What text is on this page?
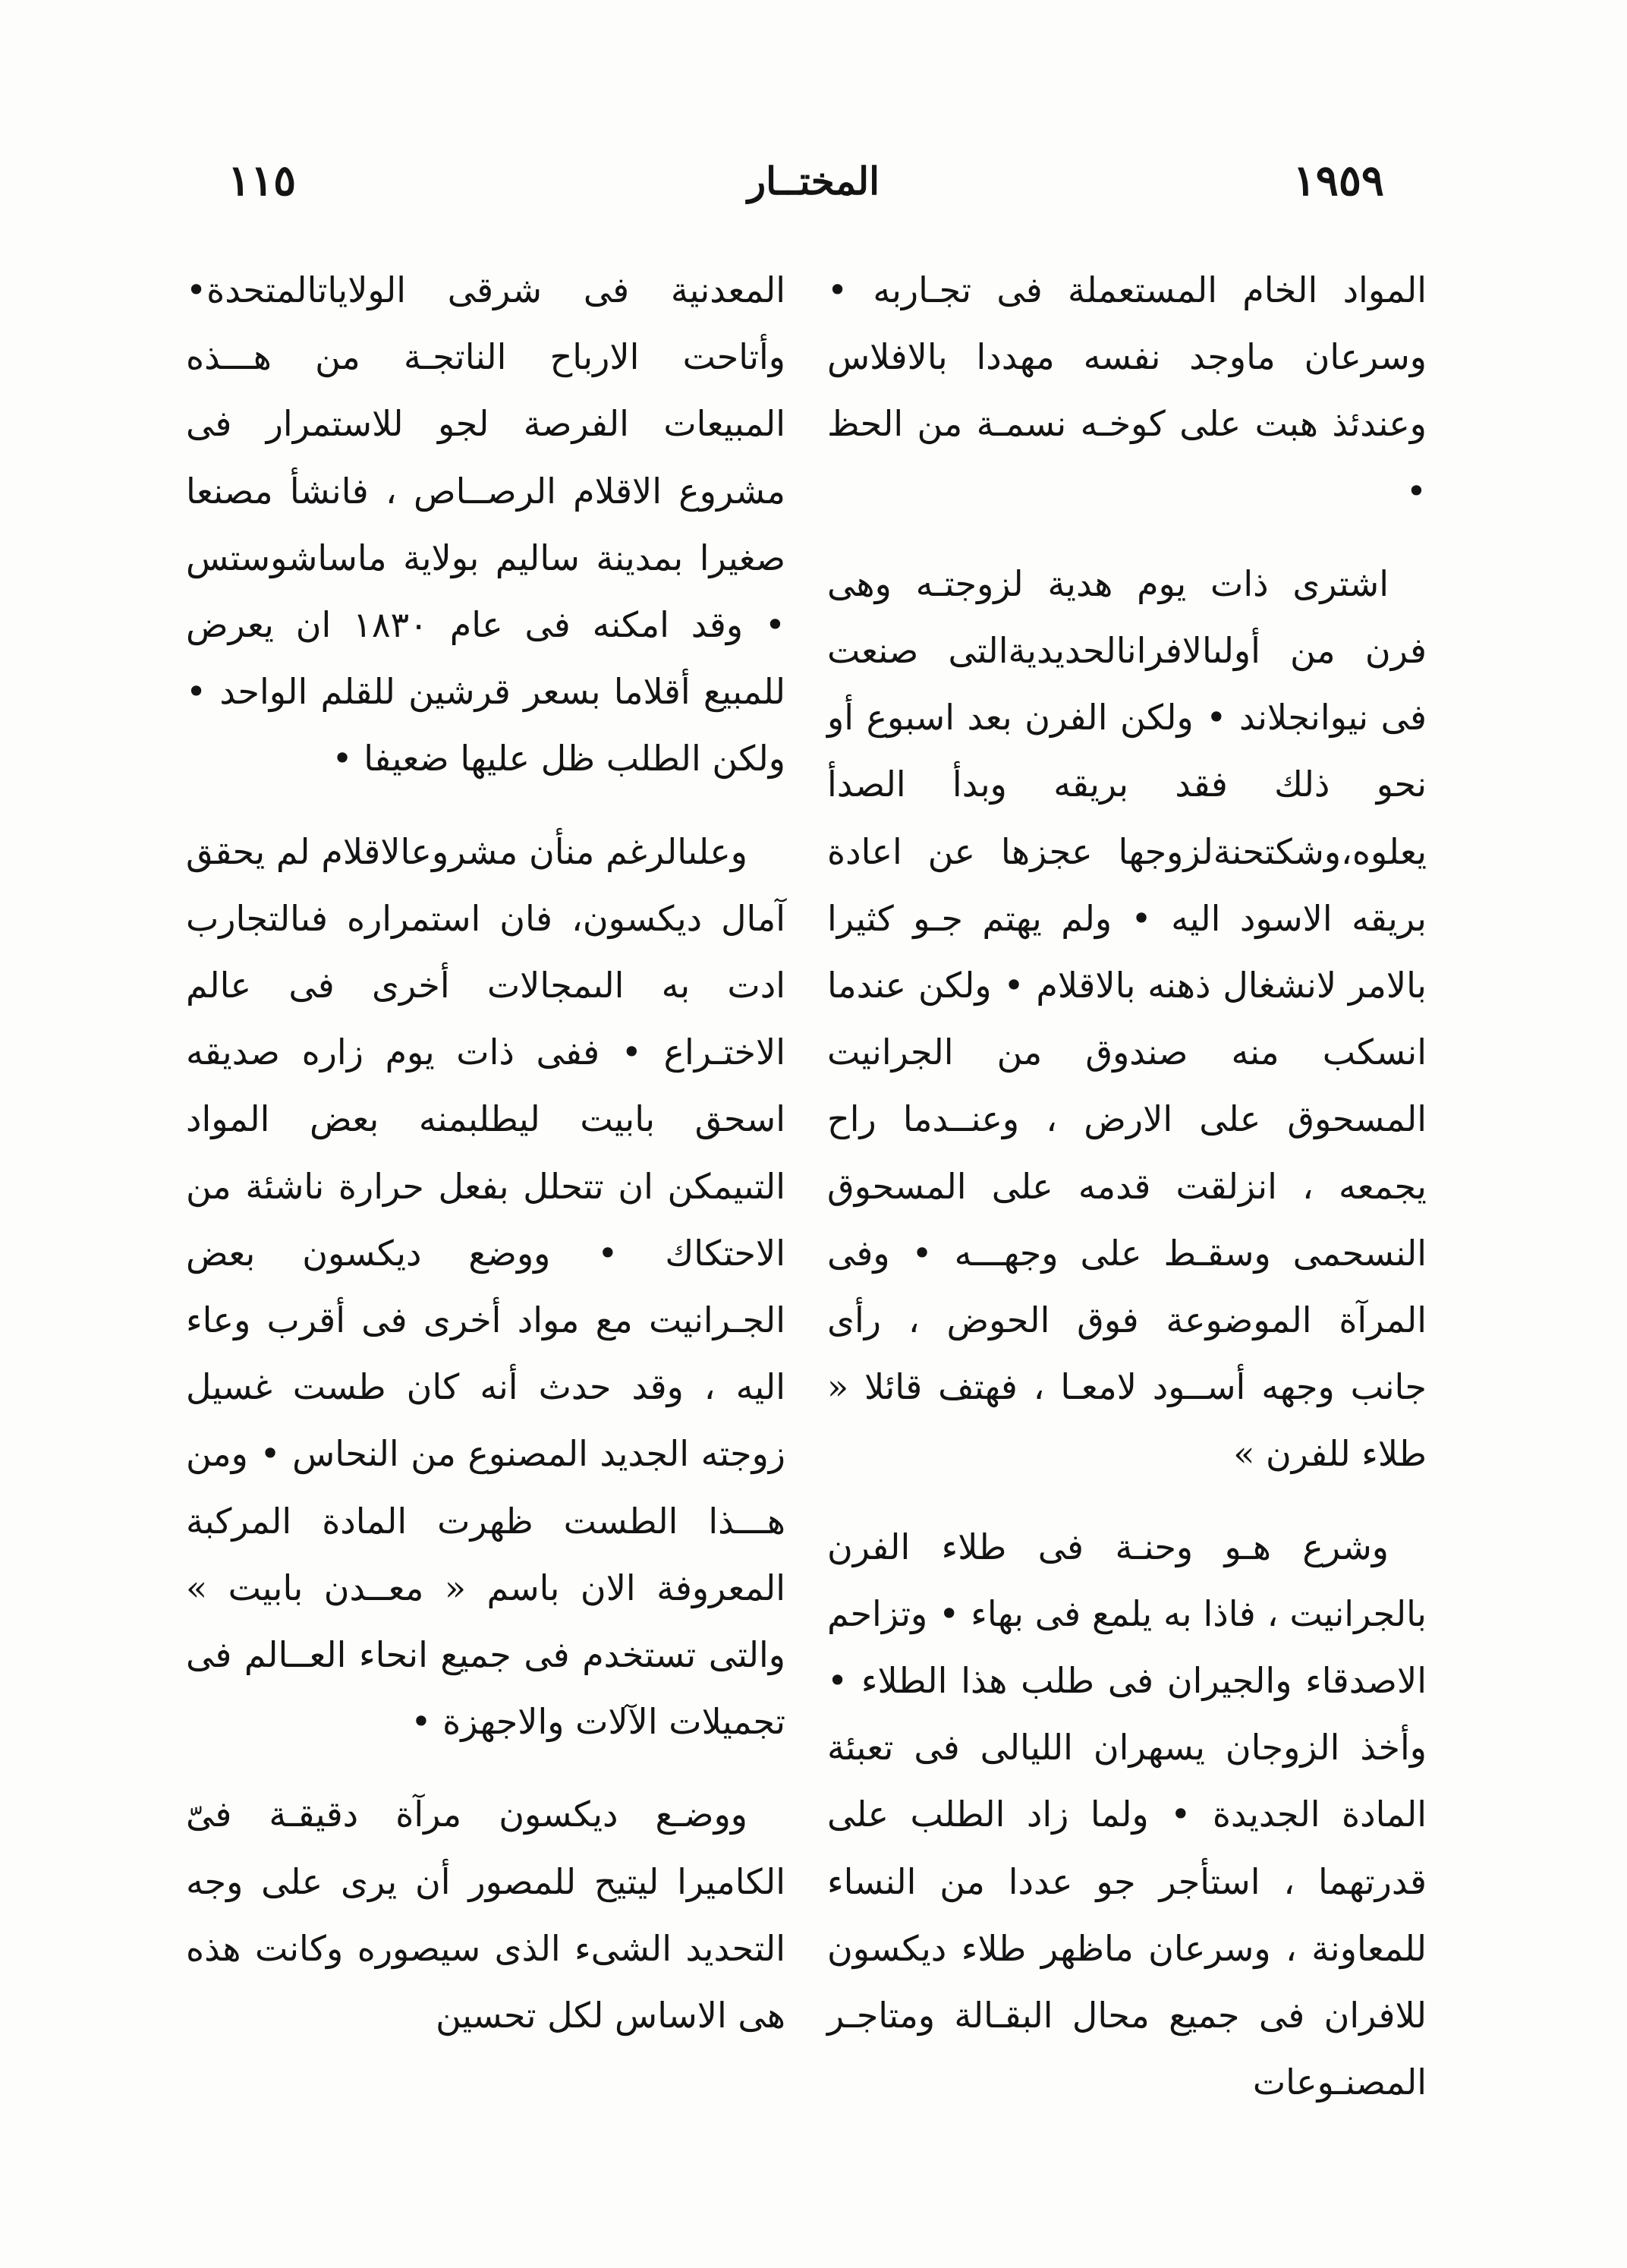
١١٥	المختــار	١٩٥٩

المواد الخام المستعملة فى تجـاربه • وسرعان ماوجد نفسه مهددا بالافلاس وعندئذ هبت على كوخـه نسمـة من الحظ •

اشترى ذات يوم هدية لزوجتـه وهى فرن من أولىالافرانالحديديةالتى صنعت فى نيوانجلاند • ولكن الفرن بعد اسبوع أو نحو ذلك فقد بريقه وبدأ الصدأ يعلوه،وشكتحنةلزوجها عجزها عن اعادة بريقه الاسود اليه • ولم يهتم جـو كثيرا بالامر لانشغال ذهنه بالاقلام • ولكن عندما انسكب منه صندوق من الجرانيت المسحوق على الارض ، وعنــدما راح يجمعه ، انزلقت قدمه على المسحوق النسحمى وسقـط على وجهـــه • وفى المرآة الموضوعة فوق الحوض ، رأى جانب وجهه أســود لامعـا ، فهتف قائلا « طلاء للفرن »

وشرع هـو وحنـة فى طلاء الفرن بالجرانيت ، فاذا به يلمع فى بهاء • وتزاحم الاصدقاء والجيران فى طلب هذا الطلاء • وأخذ الزوجان يسهران الليالى فى تعبئة المادة الجديدة • ولما زاد الطلب على قدرتهما ، استأجر جو عددا من النساء للمعاونة ، وسرعان ماظهر طلاء ديكسون للافران فى جميع محال البقـالة ومتاجـر المصنـوعات

المعدنية فى شرقى الولاياتالمتحدة• وأتاحت الارباح الناتجـة من هـــذه المبيعات الفرصة لجو للاستمرار فى مشروع الاقلام الرصــاص ، فانشأ مصنعا صغيرا بمدينة سالیم بولاية ماساشوستس • وقد امكنه فى عام ١٨٣٠ ان يعرض للمبيع أقلاما بسعر قرشين للقلم الواحد • ولكن الطلب ظل عليها ضعيفا •

وعلىالرغم منأن مشروعالاقلام لم يحقق آمال ديكسون، فان استمراره فىالتجارب ادت به الىمجالات أخرى فى عالم الاختـراع • ففى ذات يوم زاره صديقه اسحق بابيت ليطلبمنه بعض المواد التىيمكن ان تتحلل بفعل حرارة ناشئة من الاحتكاك • ووضع ديكسون بعض الجـرانيت مع مواد أخرى فى أقرب وعاء اليه ، وقد حدث أنه كان طست غسيل زوجته الجديد المصنوع من النحاس • ومن هـــذا الطست ظهرت المادة المركبة المعروفة الان باسم « معــدن بابيت » والتى تستخدم فى جميع انحاء العــالم فى تجميلات الآلات والاجهزة •

ووضـع ديكسون مرآة دقيقـة فىّ الكاميرا ليتيح للمصور أن يرى على وجه التحديد الشىء الذى سيصوره وكانت هذه هى الاساس لكل تحسين
